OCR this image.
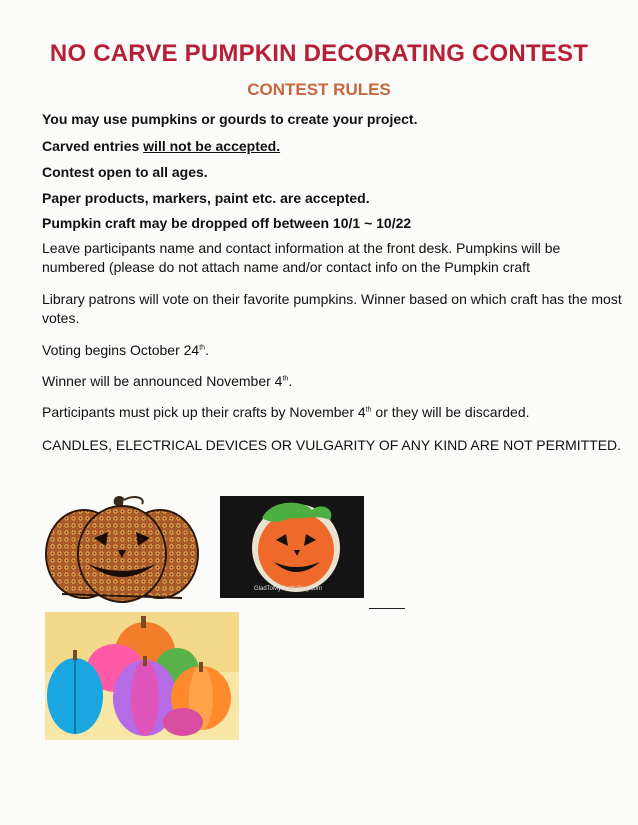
NO CARVE PUMPKIN DECORATING CONTEST
CONTEST RULES
You may use pumpkins or gourds to create your project.
Carved entries will not be accepted.
Contest open to all ages.
Paper products, markers, paint etc. are accepted.
Pumpkin craft may be dropped off between 10/1 ~ 10/22
Leave participants name and contact information at the front desk. Pumpkins will be numbered (please do not attach name and/or contact info on the Pumpkin craft
Library patrons will vote on their favorite pumpkins. Winner based on which craft has the most votes.
Voting begins October 24th.
Winner will be announced November 4th.
Participants must pick up their crafts by November 4th or they will be discarded.
CANDLES, ELECTRICAL DEVICES OR VULGARITY OF ANY KIND ARE NOT PERMITTED.
GladToMyCraftsBlog.com
